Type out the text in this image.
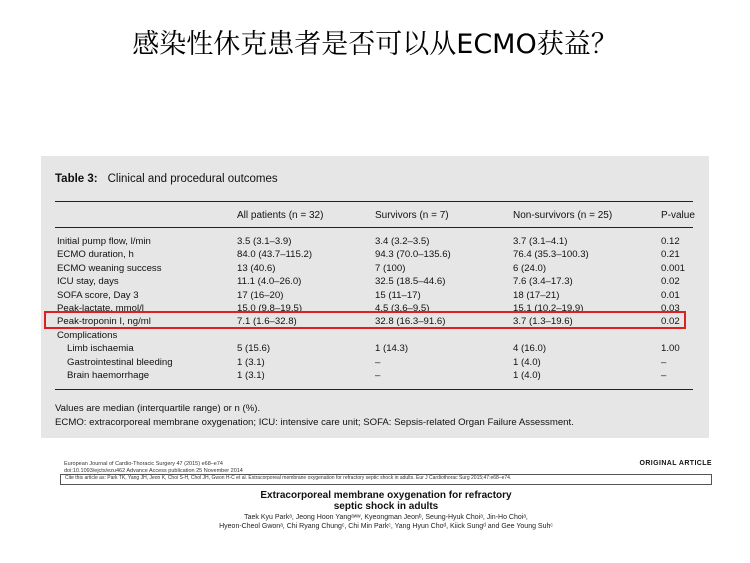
感染性休克患者是否可以从ECMO获益？
Table 3: Clinical and procedural outcomes
All patients (n = 32)	Survivors (n = 7)	Non-survivors (n = 25)	P-value
Initial pump flow, l/min	3.5 (3.1–3.9)	3.4 (3.2–3.5)	3.7 (3.1–4.1)	0.12
ECMO duration, h	84.0 (43.7–115.2)	94.3 (70.0–135.6)	76.4 (35.3–100.3)	0.21
ECMO weaning success	13 (40.6)	7 (100)	6 (24.0)	0.001
ICU stay, days	11.1 (4.0–26.0)	32.5 (18.5–44.6)	7.6 (3.4–17.3)	0.02
SOFA score, Day 3	17 (16–20)	15 (11–17)	18 (17–21)	0.01
Peak-lactate, mmol/l	15.0 (9.8–19.5)	4.5 (3.6–9.5)	15.1 (10.2–19.9)	0.03
Peak-troponin I, ng/ml	7.1 (1.6–32.8)	32.8 (16.3–91.6)	3.7 (1.3–19.6)	0.02
Complications
Limb ischaemia	5 (15.6)	1 (14.3)	4 (16.0)	1.00
Gastrointestinal bleeding	1 (3.1)	–	1 (4.0)	–
Brain haemorrhage	1 (3.1)	–	1 (4.0)	–
Values are median (interquartile range) or n (%).
ECMO: extracorporeal membrane oxygenation; ICU: intensive care unit; SOFA: Sepsis-related Organ Failure Assessment.
European Journal of Cardio-Thoracic Surgery 47 (2015) e68–e74
doi:10.1093/ejcts/ezu462 Advance Access publication 25 November 2014
ORIGINAL ARTICLE
Cite this article as: Park TK, Yang JH, Jeon K, Choi S-H, Chol JH, Gwon H-C et al. Extracorporeal membrane oxygenation for refractory septic shock in adults. Eur J Cardiothorac Surg 2015;47:e68–e74.
Extracorporeal membrane oxygenation for refractory
septic shock in adults
Taek Kyu Parkᵃ, Jeong Hoon Yangᵃʷʷ, Kyeongman Jeonᵇ, Seung-Hyuk Choiᵃ, Jin-Ho Choiᵃ,
Hyeon-Cheol Gwonᵃ, Chi Ryang Chungᶜ, Chi Min Parkᶜ, Yang Hyun Choᵈ, Kiick Sungᵈ and Gee Young Suhᶜ
